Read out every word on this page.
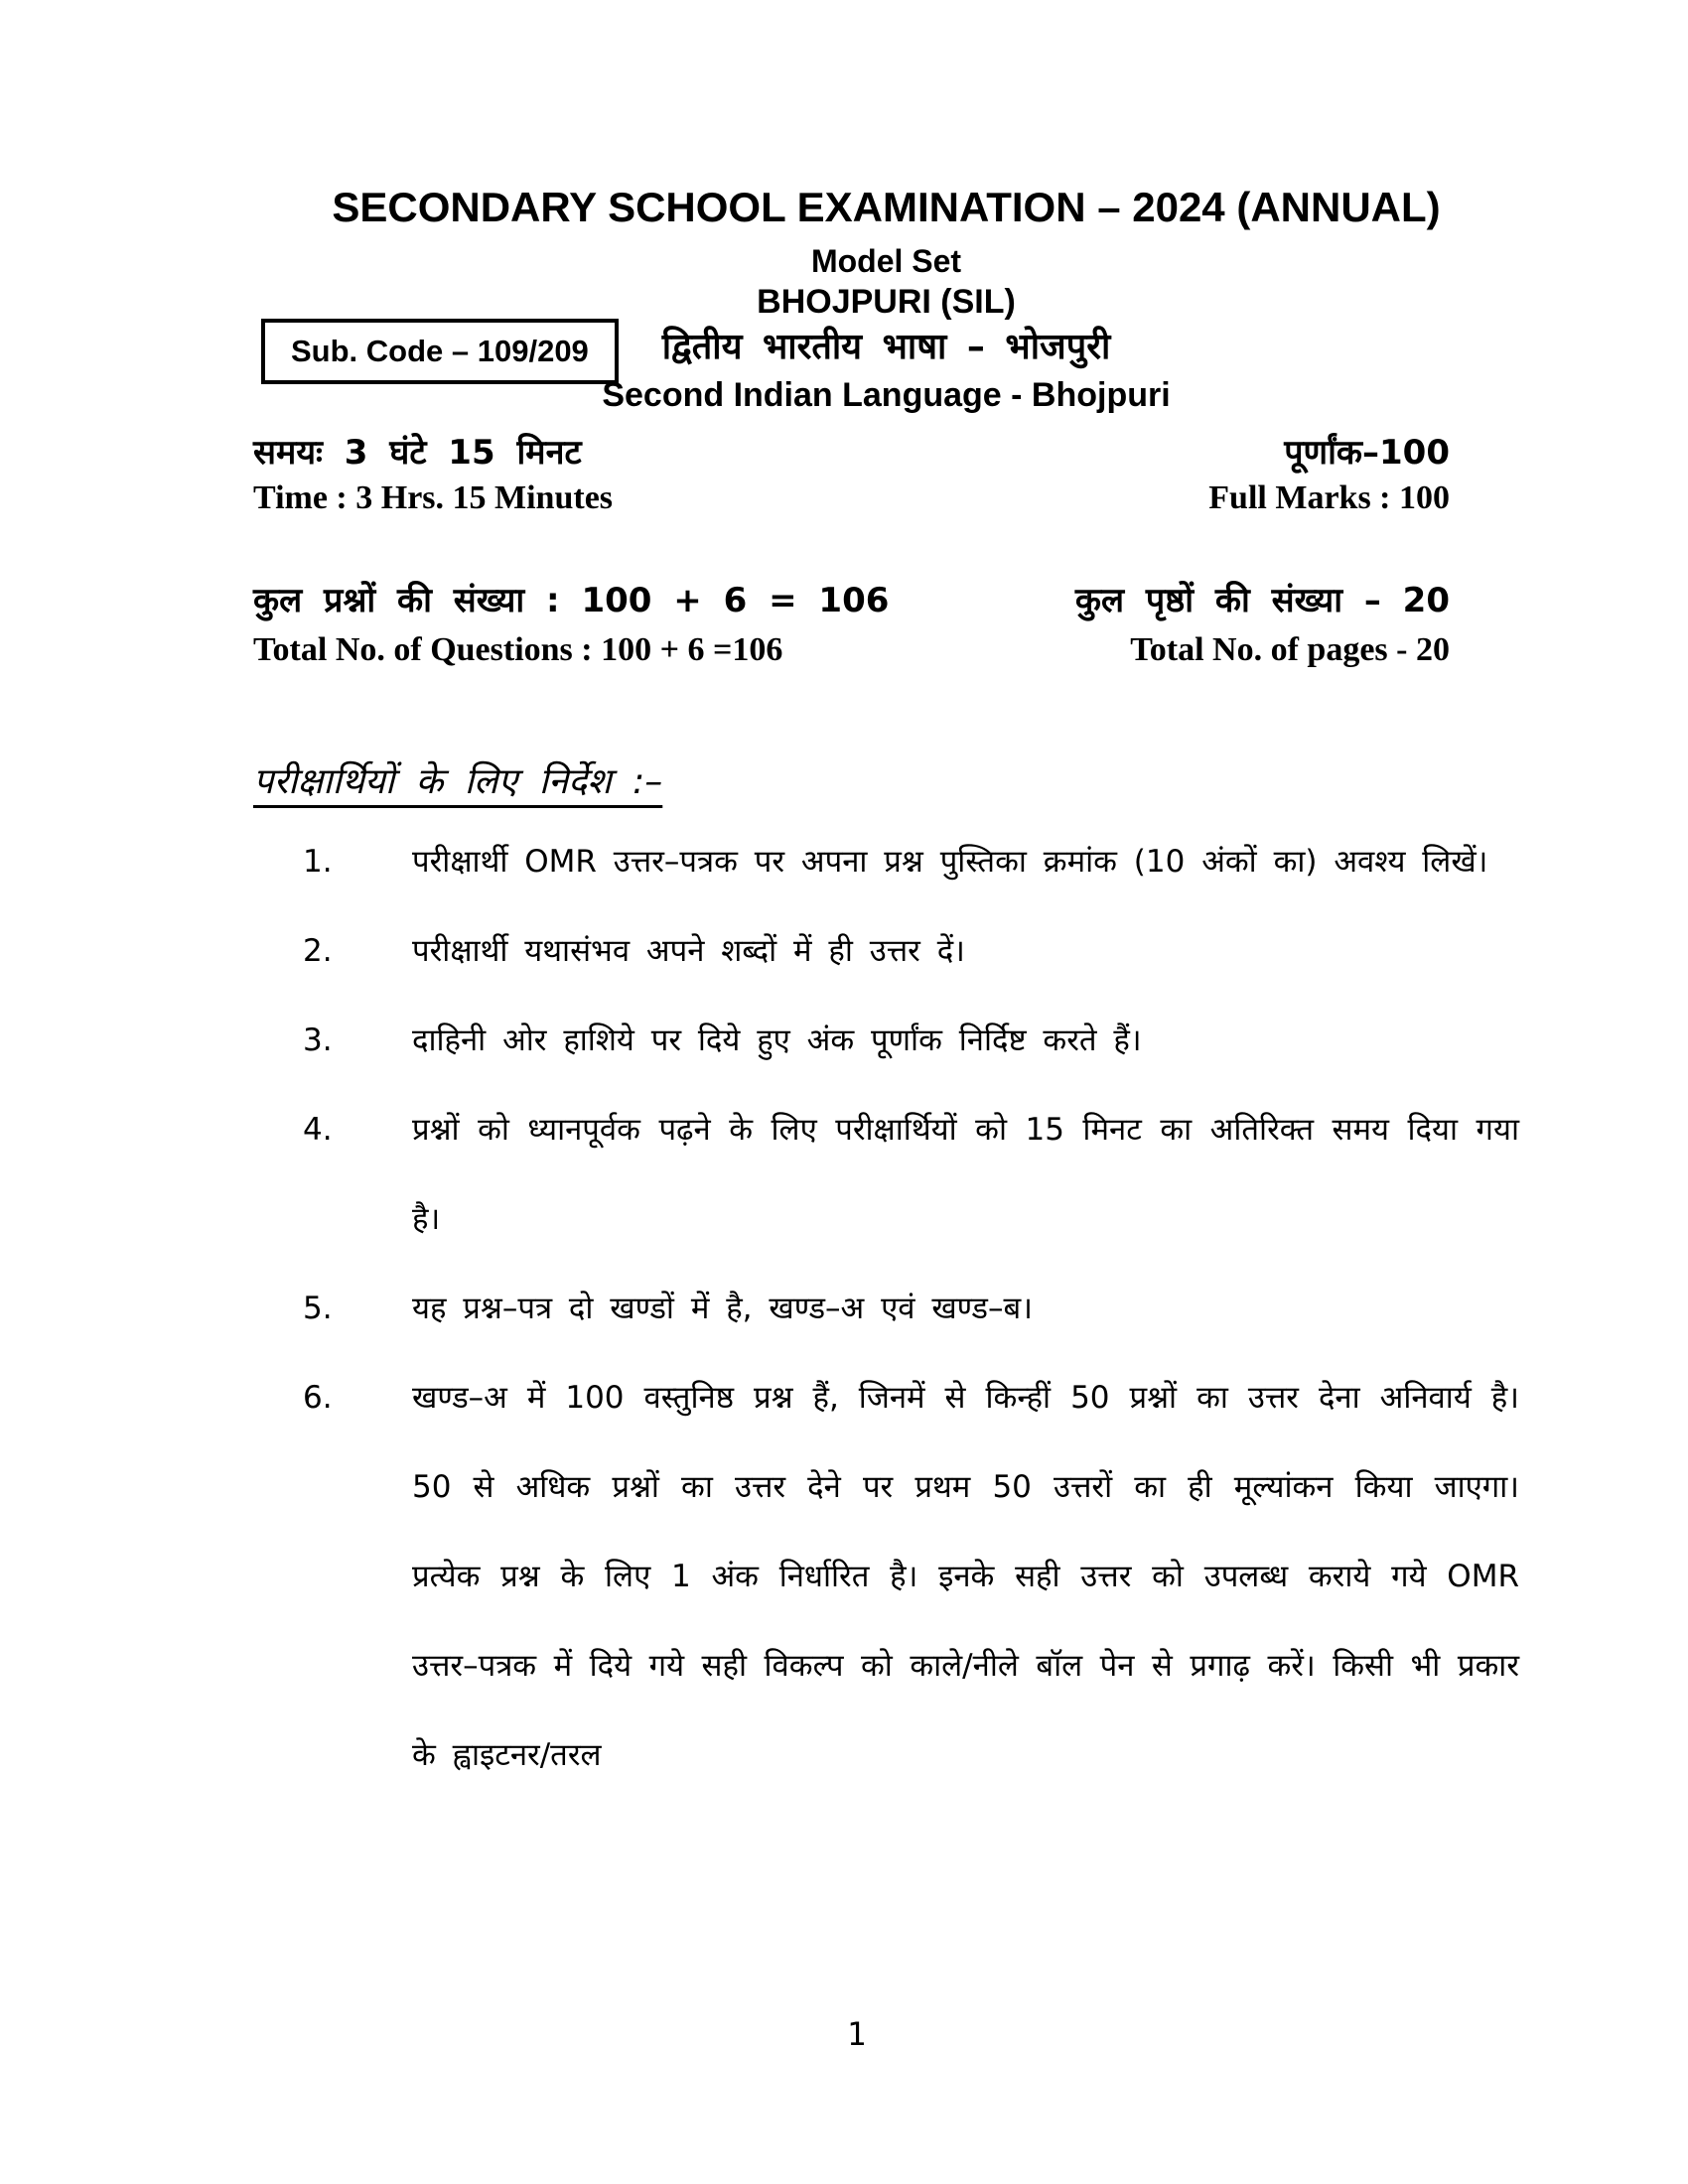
SECONDARY SCHOOL EXAMINATION – 2024 (ANNUAL)
Sub. Code – 109/209
Model Set
BHOJPURI (SIL)
द्वितीय भारतीय भाषा – भोजपुरी
Second Indian Language - Bhojpuri
समयः 3 घंटे 15 मिनट	पूर्णांक–100
Time : 3 Hrs. 15 Minutes	Full Marks : 100
कुल प्रश्नों की संख्या : 100 + 6 = 106	कुल पृष्ठों की संख्या – 20
Total No. of Questions : 100 + 6 =106	Total No. of pages - 20
परीक्षार्थियों के लिए निर्देश :–
1.	परीक्षार्थी OMR उत्तर–पत्रक पर अपना प्रश्न पुस्तिका क्रमांक (10 अंकों का) अवश्य लिखें।
2.	परीक्षार्थी यथासंभव अपने शब्दों में ही उत्तर दें।
3.	दाहिनी ओर हाशिये पर दिये हुए अंक पूर्णांक निर्दिष्ट करते हैं।
4.	प्रश्नों को ध्यानपूर्वक पढ़ने के लिए परीक्षार्थियों को 15 मिनट का अतिरिक्त समय दिया गया है।
5.	यह प्रश्न–पत्र दो खण्डों में है, खण्ड–अ एवं खण्ड–ब।
6.	खण्ड–अ में 100 वस्तुनिष्ठ प्रश्न हैं, जिनमें से किन्हीं 50 प्रश्नों का उत्तर देना अनिवार्य है। 50 से अधिक प्रश्नों का उत्तर देने पर प्रथम 50 उत्तरों का ही मूल्यांकन किया जाएगा। प्रत्येक प्रश्न के लिए 1 अंक निर्धारित है। इनके सही उत्तर को उपलब्ध कराये गये OMR उत्तर–पत्रक में दिये गये सही विकल्प को काले/नीले बॉल पेन से प्रगाढ़ करें। किसी भी प्रकार के ह्वाइटनर/तरल
1
